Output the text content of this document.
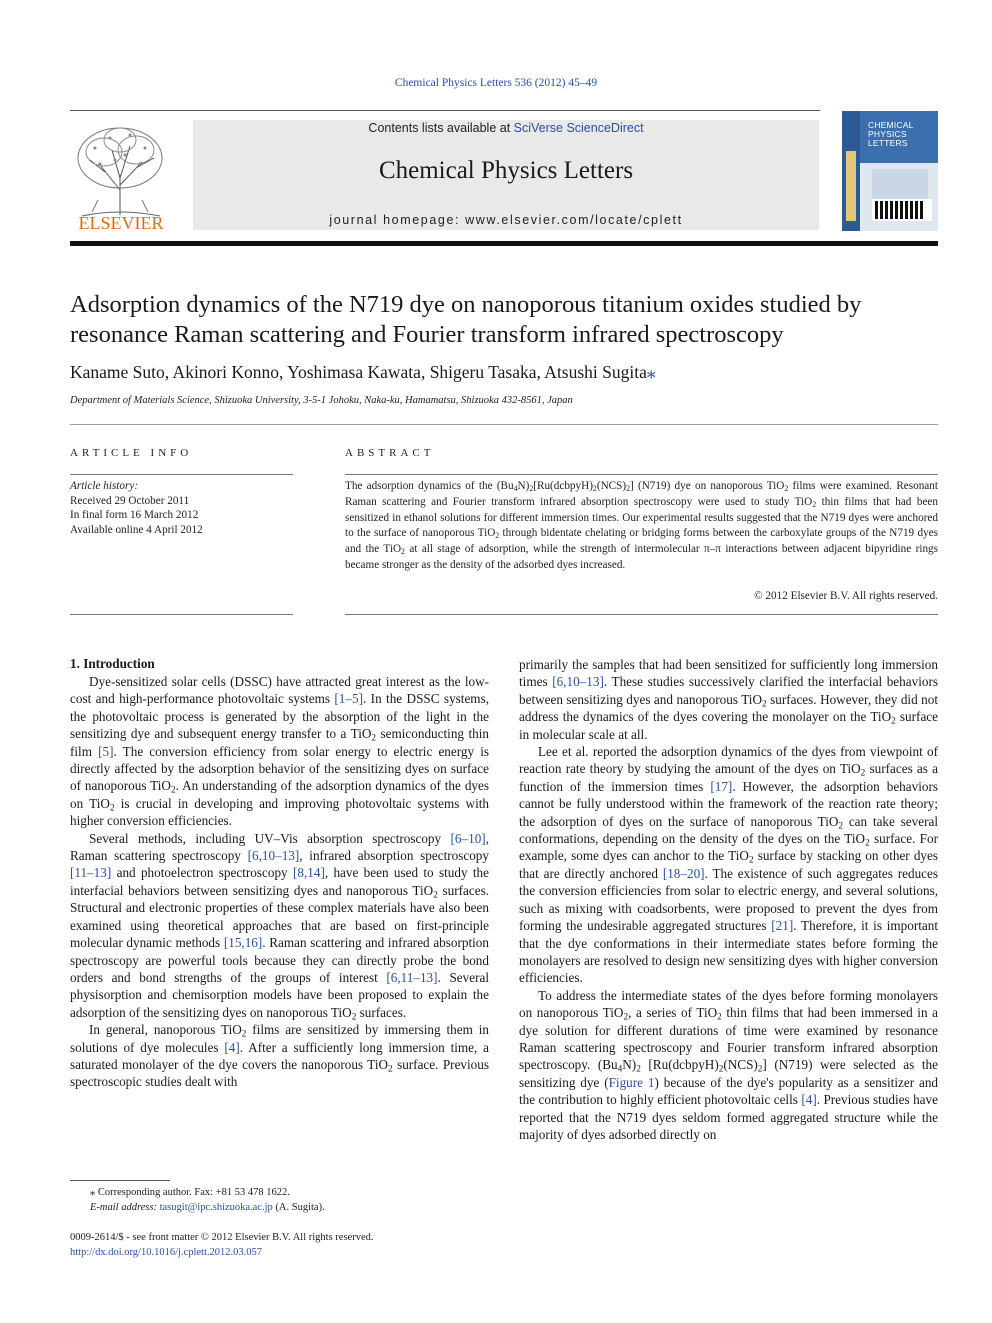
Chemical Physics Letters 536 (2012) 45–49
ELSEVIER
Contents lists available at SciVerse ScienceDirect
Chemical Physics Letters
journal homepage: www.elsevier.com/locate/cplett
CHEMICAL
PHYSICS
LETTERS
Adsorption dynamics of the N719 dye on nanoporous titanium oxides studied by resonance Raman scattering and Fourier transform infrared spectroscopy
Kaname Suto, Akinori Konno, Yoshimasa Kawata, Shigeru Tasaka, Atsushi Sugita⁎
Department of Materials Science, Shizuoka University, 3-5-1 Johoku, Naka-ku, Hamamatsu, Shizuoka 432-8561, Japan
ARTICLE INFO
Article history:
Received 29 October 2011
In final form 16 March 2012
Available online 4 April 2012
ABSTRACT
The adsorption dynamics of the $(Bu_4N)_2[Ru(dcbpyH)_2(NCS)_2]$ (N719) dye on nanoporous TiO$_2$ films were examined. Resonant Raman scattering and Fourier transform infrared absorption spectroscopy were used to study TiO$_2$ thin films that had been sensitized in ethanol solutions for different immersion times. Our experimental results suggested that the N719 dyes were anchored to the surface of nanoporous TiO$_2$ through bidentate chelating or bridging forms between the carboxylate groups of the N719 dyes and the TiO$_2$ at all stage of adsorption, while the strength of intermolecular π–π interactions between adjacent bipyridine rings became stronger as the density of the adsorbed dyes increased.
© 2012 Elsevier B.V. All rights reserved.
1. Introduction

Dye-sensitized solar cells (DSSC) have attracted great interest as the low-cost and high-performance photovoltaic systems [1–5]. In the DSSC systems, the photovoltaic process is generated by the absorption of the light in the sensitizing dye and subsequent energy transfer to a TiO$_2$ semiconducting thin film [5]. The conversion efficiency from solar energy to electric energy is directly affected by the adsorption behavior of the sensitizing dyes on surface of nanoporous TiO$_2$. An understanding of the adsorption dynamics of the dyes on TiO$_2$ is crucial in developing and improving photovoltaic systems with higher conversion efficiencies.

Several methods, including UV–Vis absorption spectroscopy [6–10], Raman scattering spectroscopy [6,10–13], infrared absorption spectroscopy [11–13] and photoelectron spectroscopy [8,14], have been used to study the interfacial behaviors between sensitizing dyes and nanoporous TiO$_2$ surfaces. Structural and electronic properties of these complex materials have also been examined using theoretical approaches that are based on first-principle molecular dynamic methods [15,16]. Raman scattering and infrared absorption spectroscopy are powerful tools because they can directly probe the bond orders and bond strengths of the groups of interest [6,11–13]. Several physisorption and chemisorption models have been proposed to explain the adsorption of the sensitizing dyes on nanoporous TiO$_2$ surfaces.

In general, nanoporous TiO$_2$ films are sensitized by immersing them in solutions of dye molecules [4]. After a sufficiently long immersion time, a saturated monolayer of the dye covers the nanoporous TiO$_2$ surface. Previous spectroscopic studies dealt with

primarily the samples that had been sensitized for sufficiently long immersion times [6,10–13]. These studies successively clarified the interfacial behaviors between sensitizing dyes and nanoporous TiO$_2$ surfaces. However, they did not address the dynamics of the dyes covering the monolayer on the TiO$_2$ surface in molecular scale at all.

Lee et al. reported the adsorption dynamics of the dyes from viewpoint of reaction rate theory by studying the amount of the dyes on TiO$_2$ surfaces as a function of the immersion times [17]. However, the adsorption behaviors cannot be fully understood within the framework of the reaction rate theory; the adsorption of dyes on the surface of nanoporous TiO$_2$ can take several conformations, depending on the density of the dyes on the TiO$_2$ surface. For example, some dyes can anchor to the TiO$_2$ surface by stacking on other dyes that are directly anchored [18–20]. The existence of such aggregates reduces the conversion efficiencies from solar to electric energy, and several solutions, such as mixing with coadsorbents, were proposed to prevent the dyes from forming the undesirable aggregated structures [21]. Therefore, it is important that the dye conformations in their intermediate states before forming the monolayers are resolved to design new sensitizing dyes with higher conversion efficiencies.

To address the intermediate states of the dyes before forming monolayers on nanoporous TiO$_2$, a series of TiO$_2$ thin films that had been immersed in a dye solution for different durations of time were examined by resonance Raman scattering spectroscopy and Fourier transform infrared absorption spectroscopy. $(Bu_4N)_2$ $[Ru(dcbpyH)_2(NCS)_2]$ (N719) were selected as the sensitizing dye (Figure 1) because of the dye's popularity as a sensitizer and the contribution to highly efficient photovoltaic cells [4]. Previous studies have reported that the N719 dyes seldom formed aggregated structure while the majority of dyes adsorbed directly on

⁎ Corresponding author. Fax: +81 53 478 1622.
E-mail address: tasugit@ipc.shizuoka.ac.jp (A. Sugita).
0009-2614/$ - see front matter © 2012 Elsevier B.V. All rights reserved.
http://dx.doi.org/10.1016/j.cplett.2012.03.057
